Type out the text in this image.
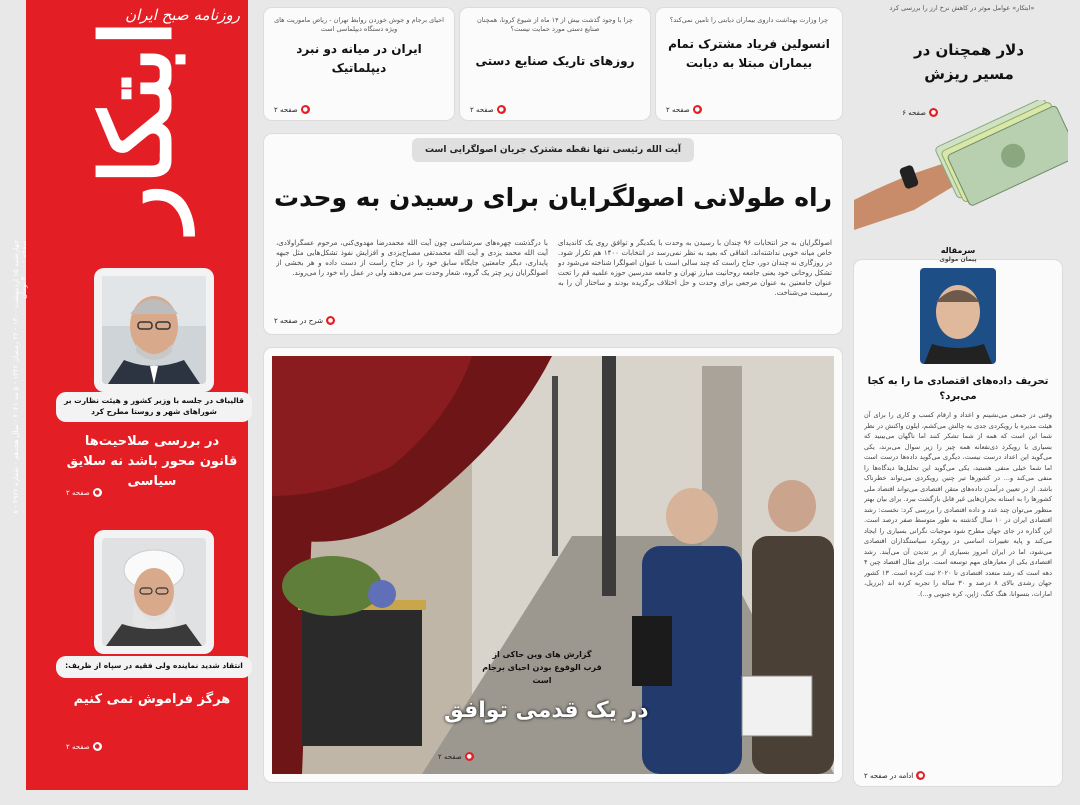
روزنامه صبح ایران
ابتکار
چهارشنبه ۱۵ اردیبهشت ۱۴۰۰ - ۲۲ رمضان ۱۴۴۲ - ۵ مه ۲۰۲۱ - سال هجدهم - شماره ۴۹۶۲ - ۸ صفحه - ۳۰۰۰ تومان
قالیباف در جلسه با وزیر کشور و هیئت نظارت بر شوراهای شهر و روستا مطرح کرد
در بررسی صلاحیت‌ها قانون محور باشد نه سلایق سیاسی
●
صفحه ۲
انتقاد شدید نماینده ولی فقیه در سپاه از ظریف:
هرگز فراموش نمی کنیم
●
صفحه ۲
احیای برجام و جوش خوردن روابط تهران - ریاض ماموریت های ویژه دستگاه دیپلماسی است
ایران در میانه دو نبرد دیپلماتیک
●
صفحه ۲
چرا با وجود گذشت بیش از ۱۴ ماه از شیوع کرونا، همچنان صنایع دستی مورد حمایت نیست؟
روزهای تاریک صنایع دستی
●
صفحه ۲
چرا وزارت بهداشت داروی بیماران دیابتی را تامین نمی‌کند؟
انسولین فریاد مشترک تمام بیماران مبتلا به دیابت
●
صفحه ۲
«ابتکار» عوامل موثر در کاهش نرخ ارز را بررسی کرد
دلار همچنان در مسیر ریزش
●
صفحه ۶
آیت الله رئیسی تنها نقطه مشترک جریان اصولگرایی است
راه طولانی اصولگرایان برای رسیدن به وحدت
اصولگرایان به جز انتخابات ۹۶ چندان با رسیدن به وحدت با یکدیگر و توافق روی یک کاندیدای خاص میانه خوبی نداشته‌اند، اتفاقی که بعید به نظر نمی‌رسد در انتخابات ۱۴۰۰ هم تکرار شود. در روزگاری نه چندان دور، جناح راست که چند سالی است با عنوان اصولگرا شناخته می‌شود دو تشکل روحانی خود یعنی جامعه روحانیت مبارز تهران و جامعه مدرسین حوزه علمیه قم را تحت عنوان جامعتین به عنوان مرجعی برای وحدت و حل اختلاف برگزیده بودند و ساختار آن را به رسمیت می‌شناخت.
با درگذشت چهره‌های سرشناسی چون آیت الله محمدرضا مهدوی‌کنی، مرحوم عسگراولادی، آیت الله محمد یزدی و آیت الله محمدتقی مصباح‌یزدی و افزایش نفوذ تشکل‌هایی مثل جبهه پایداری، دیگر جامعتین جایگاه سابق خود را در جناح راست از دست داده و هر بخشی از اصولگرایان زیر چتر یک گروه، شعار وحدت سر می‌دهند ولی در عمل راه خود را می‌روند.
●
شرح در صفحه ۲
گزارش های وین حاکی از قرب الوقوع بودن احیای برجام است
در یک قدمی توافق
●
صفحه ۲
سرمقاله
پیمان مولوی
تحریف داده‌های اقتصادی ما را به کجا می‌برد؟
وقتی در جمعی می‌نشینم و اعداد و ارقام کسب و کاری را برای آن هیئت مدیره یا رویکردی جدی به چالش می‌کشم، ایلون واکنش در نظر شما این است که همه از شما تشکر کنند اما ناگهان می‌بینید که بسیاری با رویکرد ذی‌نفعانه همه چیز را زیر سوال می‌برند، یکی می‌گوید این اعداد درست نیست، دیگری می‌گوید داده‌ها درست است اما شما خیلی منفی هستید، یکی می‌گوید این تحلیل‌ها دیدگاه‌ها را منفی می‌کند و... در کشورها تیر چنین رویکردی می‌تواند خطرناک باشد. از در تعیین درآمدن داده‌های متقن اقتصادی می‌تواند اقتصاد ملی کشورها را به استانه بحران‌هایی غیر قابل بازگشت ببرد. برای بیان بهتر منظور می‌توان چند عدد و داده اقتصادی را بررسی کرد: نخست: رشد اقتصادی ایران در ۱۰ سال گذشته به طور متوسط صفر درصد است. این گذاره در جای جهان مطرح شود موجبات نگرانی بسیاری را ایجاد می‌کند و پایه تغییرات اساسی در رویکرد سیاستگذاران اقتصادی می‌شود، اما در ایران امروز بسیاری از بر تدیدن آن می‌آیند. رشد اقتصادی یکی از معیارهای مهم توسعه است. برای مثال اقتصاد چین ۴ دهه است که رشد متعدد اقتصادی تا ۲۰۲۰ ثبت کرده است. ۱۳ کشور جهان رشدی بالای ۸ درصد و ۳۰ ساله را تجربه کرده اند (برزیل، امارات، بتسوانا، هنگ کنگ، ژاپن، کره جنوبی و...).
●
ادامه در صفحه ۲
